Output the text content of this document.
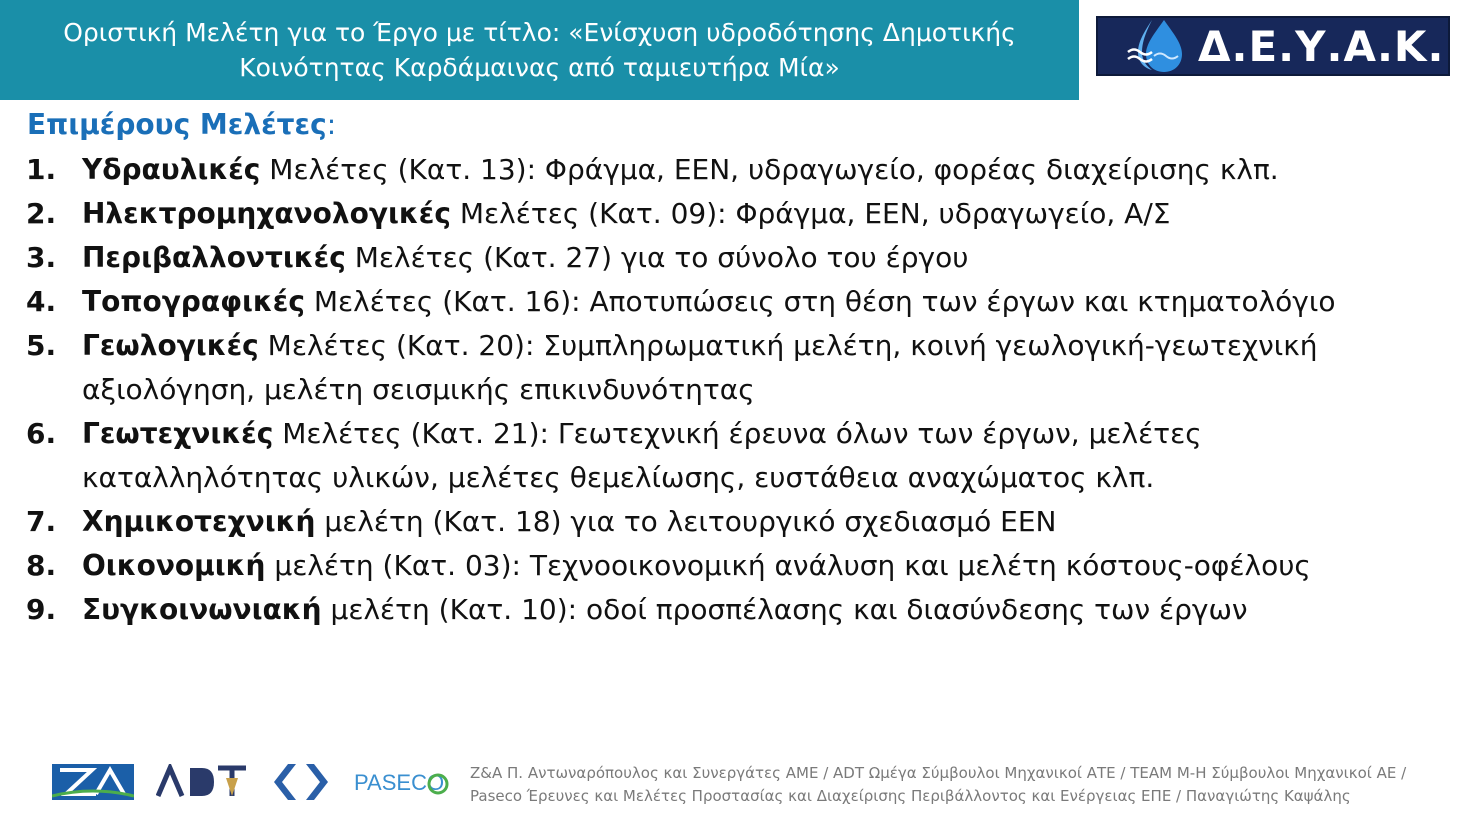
Οριστική Μελέτη για το Έργο με τίτλο: «Ενίσχυση υδροδότησης Δημοτικής
Κοινότητας Καρδάμαινας από ταμιευτήρα Μία»	Δ.Ε.Υ.Α.Κ.
Επιμέρους Μελέτες:
1. Υδραυλικές Μελέτες (Κατ. 13): Φράγμα, ΕΕΝ, υδραγωγείο, φορέας διαχείρισης κλπ.
2. Ηλεκτρομηχανολογικές Μελέτες (Κατ. 09): Φράγμα, ΕΕΝ, υδραγωγείο, Α/Σ
3. Περιβαλλοντικές Μελέτες (Κατ. 27) για το σύνολο του έργου
4. Τοπογραφικές Μελέτες (Κατ. 16): Αποτυπώσεις στη θέση των έργων και κτηματολόγιο
5. Γεωλογικές Μελέτες (Κατ. 20): Συμπληρωματική μελέτη, κοινή γεωλογική-γεωτεχνική αξιολόγηση, μελέτη σεισμικής επικινδυνότητας
6. Γεωτεχνικές Μελέτες (Κατ. 21): Γεωτεχνική έρευνα όλων των έργων, μελέτες καταλληλότητας υλικών, μελέτες θεμελίωσης, ευστάθεια αναχώματος κλπ.
7. Χημικοτεχνική μελέτη (Κατ. 18) για το λειτουργικό σχεδιασμό ΕΕΝ
8. Οικονομική μελέτη (Κατ. 03): Τεχνοοικονομική ανάλυση και μελέτη κόστους-οφέλους
9. Συγκοινωνιακή μελέτη (Κατ. 10): οδοί προσπέλασης και διασύνδεσης των έργων
PASECO Ζ&Α Π. Αντωναρόπουλος και Συνεργάτες ΑΜΕ / ADT Ωμέγα Σύμβουλοι Μηχανικοί ΑΤΕ / TEAM Μ-Η Σύμβουλοι Μηχανικοί ΑΕ /
Paseco Έρευνες και Μελέτες Προστασίας και Διαχείρισης Περιβάλλοντος και Ενέργειας ΕΠΕ / Παναγιώτης Καψάλης
